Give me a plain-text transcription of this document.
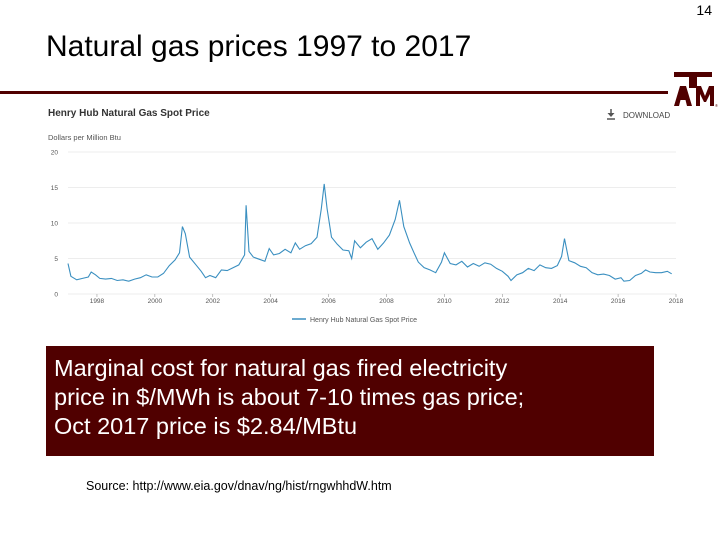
14
Natural gas prices 1997 to 2017
®
Henry Hub Natural Gas Spot Price	DOWNLOAD
Dollars per Million Btu
0
5
10
15
20
1998	2000	2002	2004	2006	2008	2010	2012	2014	2016	2018
Henry Hub Natural Gas Spot Price
Marginal cost for natural gas fired electricity
price in $/MWh is about 7-10 times gas price;
Oct 2017 price is $2.84/MBtu
Source: http://www.eia.gov/dnav/ng/hist/rngwhhdW.htm
